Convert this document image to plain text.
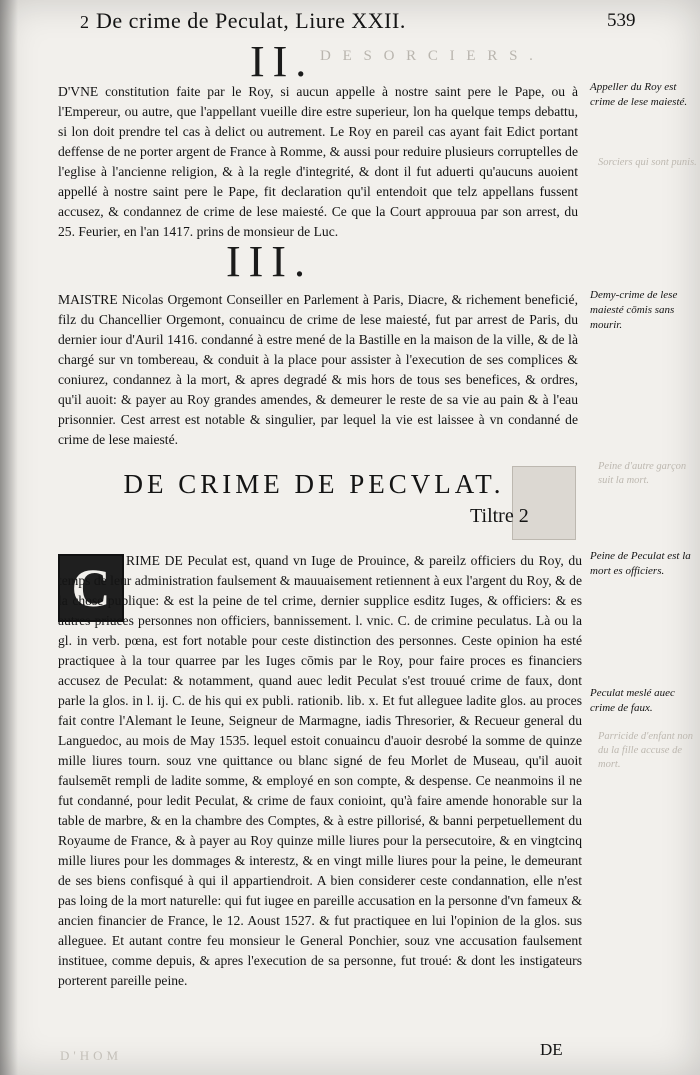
2 De crime de Peculat, Liure XXII.	539
D E S O R C I E R S .
II.

D'VNE constitution faite par le Roy, si aucun appelle à nostre saint pere le Pape, ou à l'Empereur, ou autre, que l'appellant vueille dire estre superieur, lon ha quelque temps debattu, si lon doit prendre tel cas à delict ou autrement. Le Roy en pareil cas ayant fait Edict portant deffense de ne porter argent de France à Romme, & aussi pour reduire plusieurs corruptelles de l'eglise à l'ancienne religion, & à la regle d'integrité, & dont il fut aduerti qu'aucuns auoient appellé à nostre saint pere le Pape, fit declaration qu'il entendoit que telz appellans fussent accusez, & condannez de crime de lese maiesté. Ce que la Court approuua par son arrest, du 25. Feurier, en l'an 1417. prins de monsieur de Luc.

III.

MAISTRE Nicolas Orgemont Conseiller en Parlement à Paris, Diacre, & richement beneficié, filz du Chancellier Orgemont, conuaincu de crime de lese maiesté, fut par arrest de Paris, du dernier iour d'Auril 1416. condanné à estre mené de la Bastille en la maison de la ville, & de là chargé sur vn tombereau, & conduit à la place pour assister à l'execution de ses complices & coniurez, condannez à la mort, & apres degradé & mis hors de tous ses benefices, & ordres, qu'il auoit: & payer au Roy grandes amendes, & demeurer le reste de sa vie au pain & à l'eau prisonnier. Cest arrest est notable & singulier, par lequel la vie est laissee à vn condanné de crime de lese maiesté.

DE CRIME DE PECVLAT.
Tiltre 2
C	RIME DE Peculat est, quand vn Iuge de Prouince, & pareilz officiers du Roy, du temps de leur administration faulsement & mauuaisement retiennent à eux l'argent du Roy, & de la chose publique: & est la peine de tel crime, dernier supplice esditz Iuges, & officiers: & es autres priuees personnes non officiers, bannissement. l. vnic. C. de crimine peculatus. Là ou la gl. in verb. pœna, est fort notable pour ceste distinction des personnes. Ceste opinion ha esté practiquee à la tour quarree par les Iuges cōmis par le Roy, pour faire proces es financiers accusez de Peculat: & notamment, quand auec ledit Peculat s'est trouué crime de faux, dont parle la glos. in l. ij. C. de his qui ex publi. rationib. lib. x. Et fut alleguee ladite glos. au proces fait contre l'Alemant le Ieune, Seigneur de Marmagne, iadis Thresorier, & Recueur general du Languedoc, au mois de May 1535. lequel estoit conuaincu d'auoir desrobé la somme de quinze mille liures tourn. souz vne quittance ou blanc signé de feu Morlet de Museau, qu'il auoit faulsemēt rempli de ladite somme, & employé en son compte, & despense. Ce neanmoins il ne fut condanné, pour ledit Peculat, & crime de faux conioint, qu'à faire amende honorable sur la table de marbre, & en la chambre des Comptes, & à estre pillorisé, & banni perpetuellement du Royaume de France, & à payer au Roy quinze mille liures pour la persecutoire, & en vingtcinq mille liures pour les dommages & interestz, & en vingt mille liures pour la peine, le demeurant de ses biens confisqué à qui il appartiendroit. A bien considerer ceste condannation, elle n'est pas loing de la mort naturelle: qui fut iugee en pareille accusation en la personne d'vn fameux & ancien financier de France, le 12. Aoust 1527. & fut practiquee en lui l'opinion de la glos. sus alleguee. Et autant contre feu monsieur le General Ponchier, souz vne accusation faulsement instituee, comme depuis, & apres l'execution de sa personne, fut troué: & dont les instigateurs porterent pareille peine.

Appeller du Roy est crime de lese maiesté.
Demy-crime de lese maiesté cōmis sans mourir.
Peine de Peculat est la mort es officiers.
Peculat meslé auec crime de faux.
Sorciers qui sont punis.
Peine d'autre garçon suit la mort.
Parricide d'enfant non du la fille accuse de mort.
DE
D'HOM
